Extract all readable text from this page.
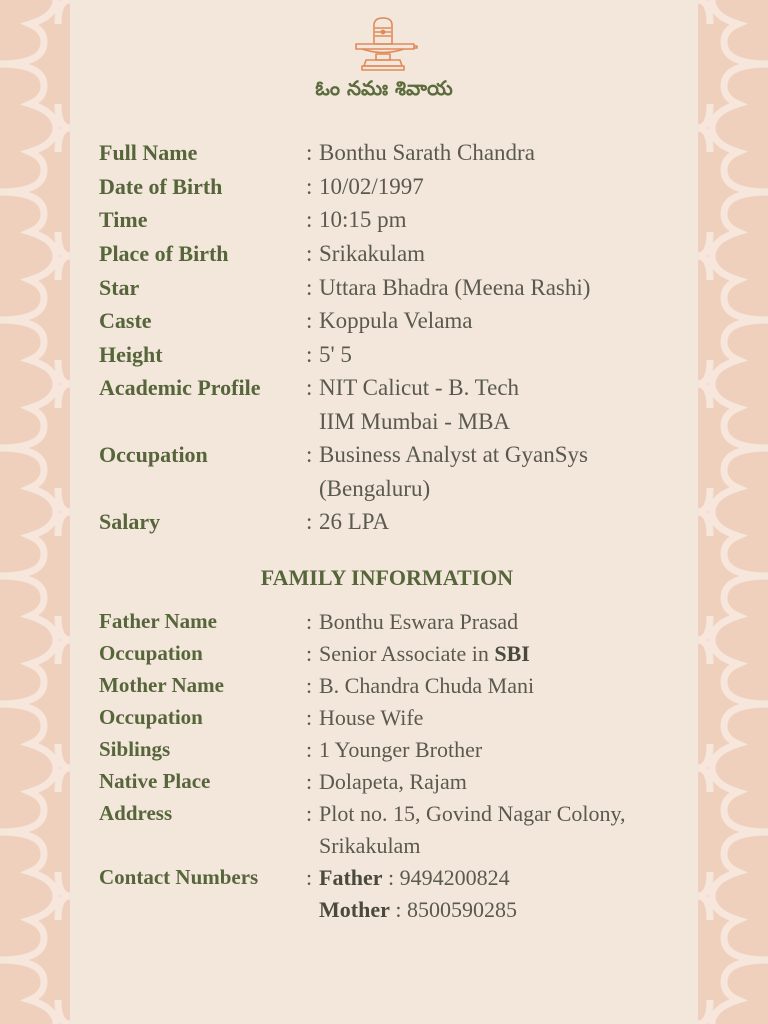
ఓం నమః శివాయ
Full Name	: Bonthu Sarath Chandra
Date of Birth	: 10/02/1997
Time	: 10:15 pm
Place of Birth	: Srikakulam
Star	: Uttara Bhadra (Meena Rashi)
Caste	: Koppula Velama
Height	: 5' 5
Academic Profile : NIT Calicut - B. Tech
IIM Mumbai - MBA
Occupation	: Business Analyst at GyanSys
(Bengaluru)
Salary	: 26 LPA
FAMILY INFORMATION
Father Name	: Bonthu Eswara Prasad
Occupation	: Senior Associate in SBI
Mother Name	: B. Chandra Chuda Mani
Occupation	: House Wife
Siblings	: 1 Younger Brother
Native Place	: Dolapeta, Rajam
Address	: Plot no. 15, Govind Nagar Colony,
Srikakulam
Contact Numbers : Father : 9494200824
Mother : 8500590285
